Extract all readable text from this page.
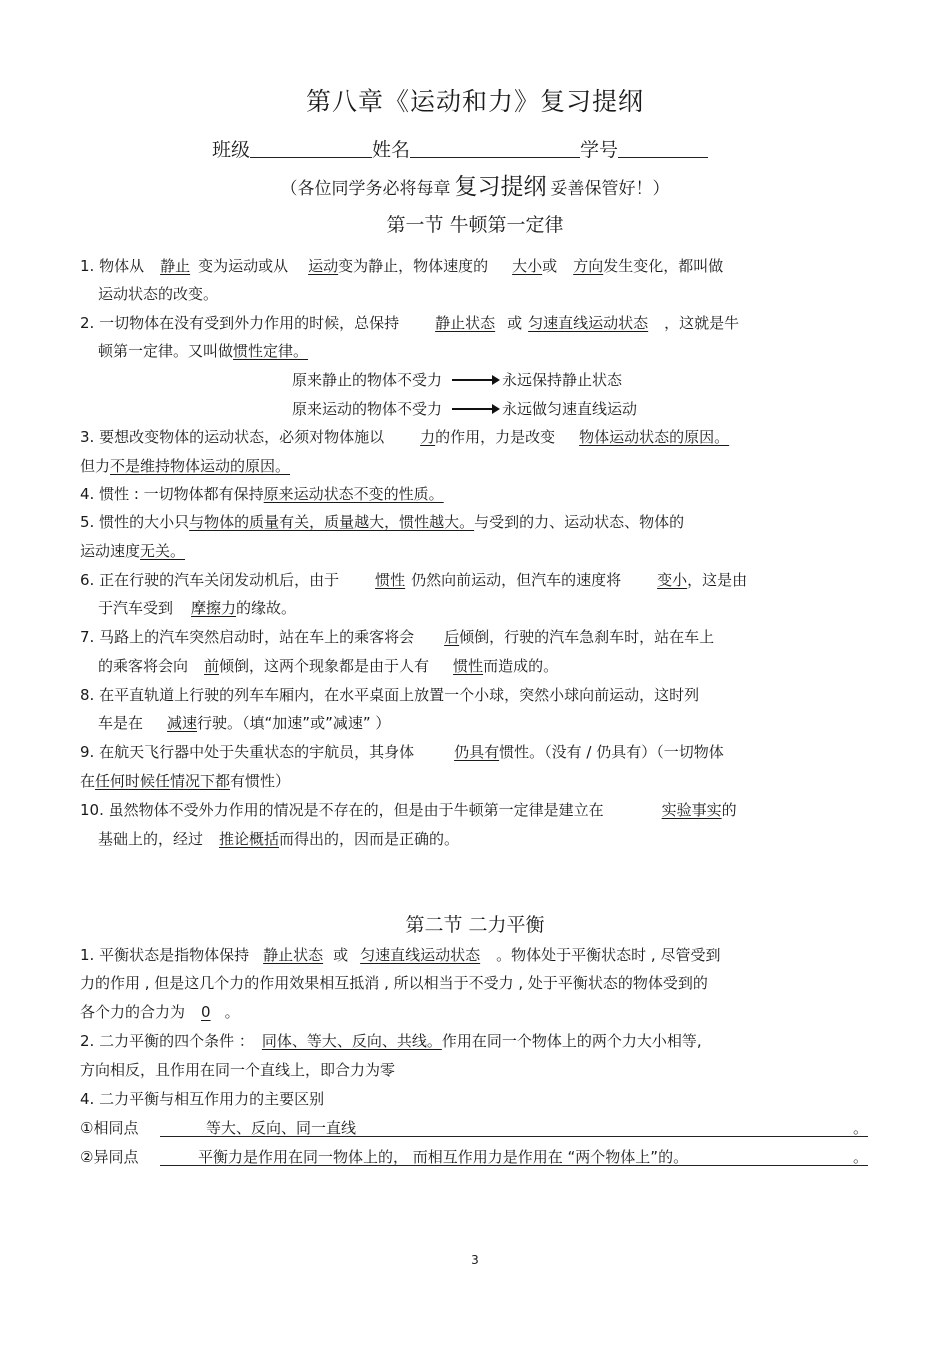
第八章《运动和力》复习提纲
班级	姓名	学号
（各位同学务必将每章 复习提纲 妥善保管好！）
第一节 牛顿第一定律
1. 物体从 静止 变为运动或从 运动变为静止，物体速度的 大小或 方向发生变化，都叫做
运动状态的改变。
2. 一切物体在没有受到外力作用的时候，总保持 静止状态 或 匀速直线运动状态 ，这就是牛
顿第一定律。又叫做惯性定律。
原来静止的物体不受力	永远保持静止状态
原来运动的物体不受力	永远做匀速直线运动
3. 要想改变物体的运动状态，必须对物体施以 力的作用，力是改变 物体运动状态的原因。
但力不是维持物体运动的原因。
4. 惯性 : 一切物体都有保持原来运动状态不变的性质。
5. 惯性的大小只与物体的质量有关，质量越大，惯性越大。与受到的力、运动状态、物体的
运动速度无关。
6. 正在行驶的汽车关闭发动机后，由于 惯性 仍然向前运动，但汽车的速度将 变小，这是由
于汽车受到 摩擦力的缘故。
7. 马路上的汽车突然启动时，站在车上的乘客将会 后倾倒，行驶的汽车急刹车时，站在车上
的乘客将会向 前倾倒，这两个现象都是由于人有 惯性而造成的。
8. 在平直轨道上行驶的列车车厢内，在水平桌面上放置一个小球，突然小球向前运动，这时列
车是在 减速行驶。（填“加速”或”减速” ）
9. 在航天飞行器中处于失重状态的宇航员，其身体	仍具有惯性。（没有 / 仍具有）（一切物体
在任何时候任情况下都有惯性）
10. 虽然物体不受外力作用的情况是不存在的，但是由于牛顿第一定律是建立在	实验事实的
基础上的，经过 推论概括而得出的，因而是正确的。
第二节 二力平衡
1. 平衡状态是指物体保持 静止状态 或 匀速直线运动状态 。物体处于平衡状态时 , 尽管受到
力的作用 , 但是这几个力的作用效果相互抵消 , 所以相当于不受力 , 处于平衡状态的物体受到的
各个力的合力为 0 。
2. 二力平衡的四个条件 ： 同体、等大、反向、共线。作用在同一个物体上的两个力大小相等,
方向相反，且作用在同一个直线上，即合力为零
4. 二力平衡与相互作用力的主要区别
①相同点	等大、反向、同一直线	。
②异同点	平衡力是作用在同一物体上的， 而相互作用力是作用在 “两个物体上”的。	。
3
